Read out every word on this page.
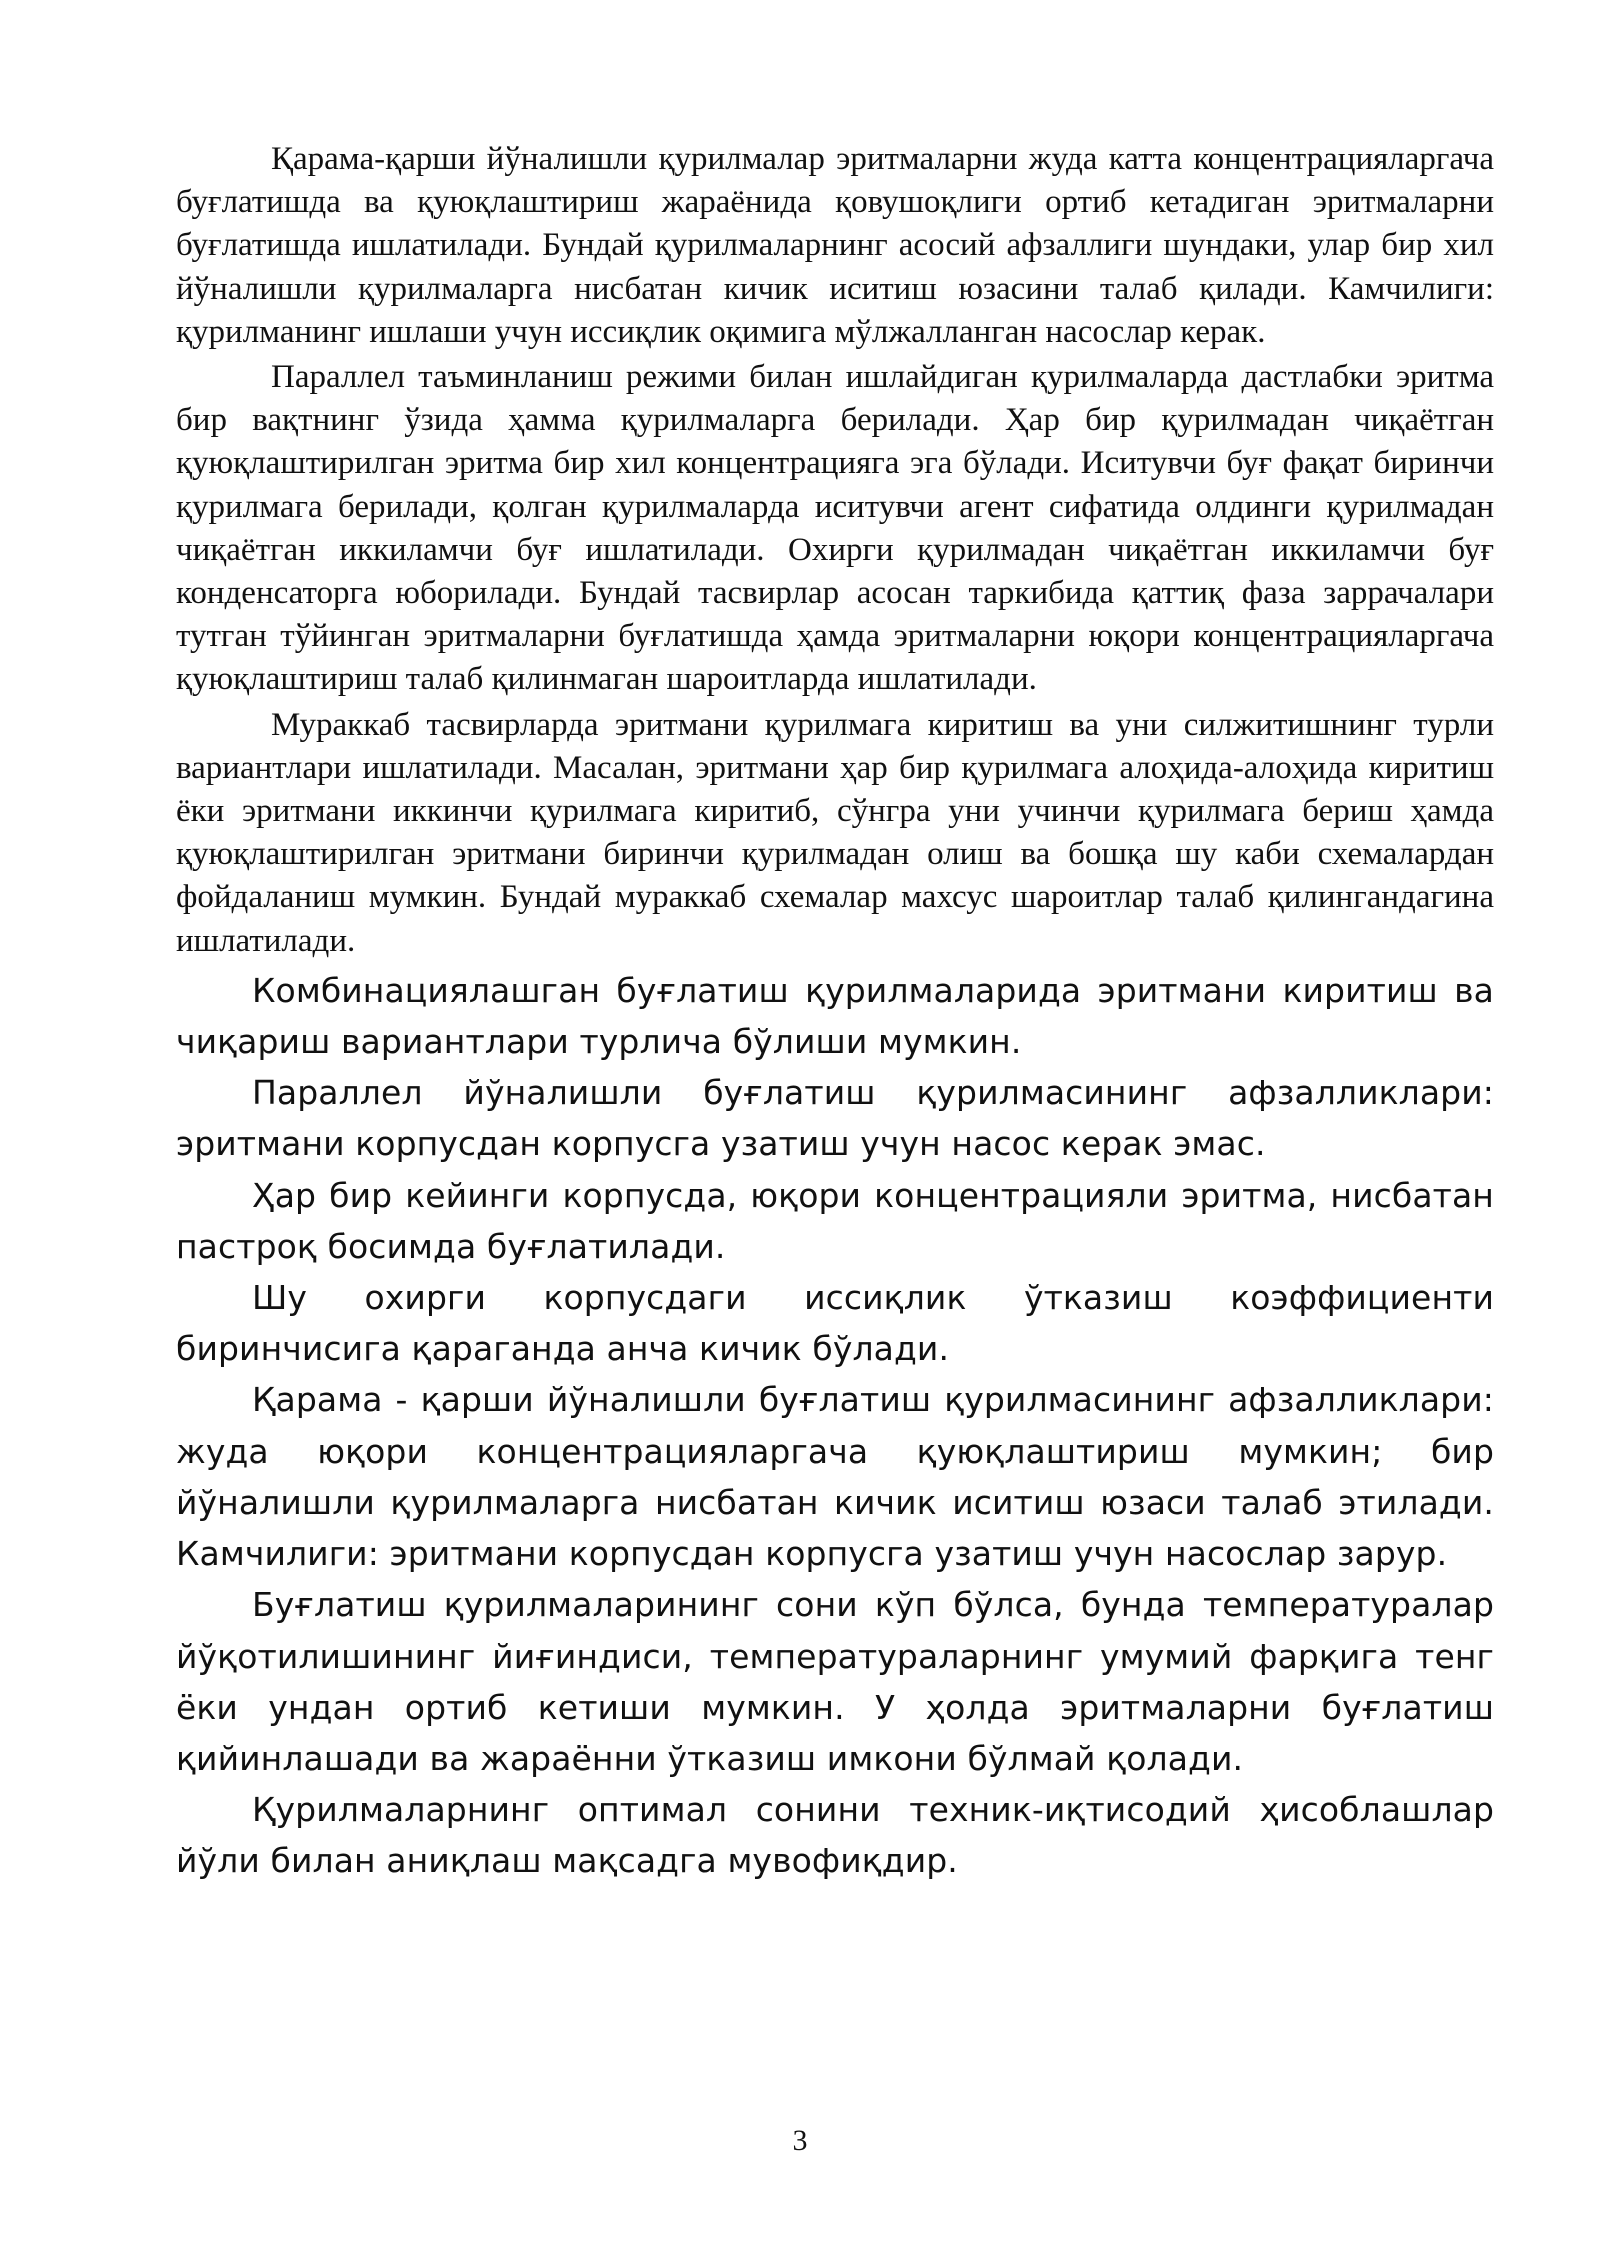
Қарама-қарши йўналишли қурилмалар эритмаларни жуда катта концентрацияларгача буғлатишда ва қуюқлаштириш жараёнида қовушоқлиги ортиб кетадиган эритмаларни буғлатишда ишлатилади. Бундай қурилмаларнинг асосий афзаллиги шундаки, улар бир хил йўналишли қурилмаларга нисбатан кичик иситиш юзасини талаб қилади. Камчилиги: қурилманинг ишлаши учун иссиқлик оқимига мўлжалланган насослар керак.

Параллел таъминланиш режими билан ишлайдиган қурилмаларда дастлабки эритма бир вақтнинг ўзида ҳамма қурилмаларга берилади. Ҳар бир қурилмадан чиқаётган қуюқлаштирилган эритма бир хил концентрацияга эга бўлади. Иситувчи буғ фақат биринчи қурилмага берилади, қолган қурилмаларда иситувчи агент сифатида олдинги қурилмадан чиқаётган иккиламчи буғ ишлатилади. Охирги қурилмадан чиқаётган иккиламчи буғ конденсаторга юборилади. Бундай тасвирлар асосан таркибида қаттиқ фаза заррачалари тутган тўйинган эритмаларни буғлатишда ҳамда эритмаларни юқори концентрацияларгача қуюқлаштириш талаб қилинмаган шароитларда ишлатилади.

Мураккаб тасвирларда эритмани қурилмага киритиш ва уни силжитишнинг турли вариантлари ишлатилади. Масалан, эритмани ҳар бир қурилмага алоҳида-алоҳида киритиш ёки эритмани иккинчи қурилмага киритиб, сўнгра уни учинчи қурилмага бериш ҳамда қуюқлаштирилган эритмани биринчи қурилмадан олиш ва бошқа шу каби схемалардан фойдаланиш мумкин. Бундай мураккаб схемалар махсус шароитлар талаб қилингандагина ишлатилади.

Комбинациялашган буғлатиш қурилмаларида эритмани киритиш ва чиқариш вариантлари турлича бўлиши мумкин.

Параллел йўналишли буғлатиш қурилмасининг афзалликлари: эритмани корпусдан корпусга узатиш учун насос керак эмас.

Ҳар бир кейинги корпусда, юқори концентрацияли эритма, нисбатан пастроқ босимда буғлатилади.

Шу охирги корпусдаги иссиқлик ўтказиш коэффициенти биринчисига қараганда анча кичик бўлади.

Қарама - қарши йўналишли буғлатиш қурилмасининг афзалликлари: жуда юқори концентрацияларгача қуюқлаштириш мумкин; бир йўналишли қурилмаларга нисбатан кичик иситиш юзаси талаб этилади. Камчилиги: эритмани корпусдан корпусга узатиш учун насослар зарур.

Буғлатиш қурилмаларининг сони кўп бўлса, бунда температуралар йўқотилишининг йиғиндиси, температураларнинг умумий фарқига тенг ёки ундан ортиб кетиши мумкин. У ҳолда эритмаларни буғлатиш қийинлашади ва жараённи ўтказиш имкони бўлмай қолади.

Қурилмаларнинг оптимал сонини техник-иқтисодий ҳисоблашлар йўли билан аниқлаш мақсадга мувофиқдир.

3
